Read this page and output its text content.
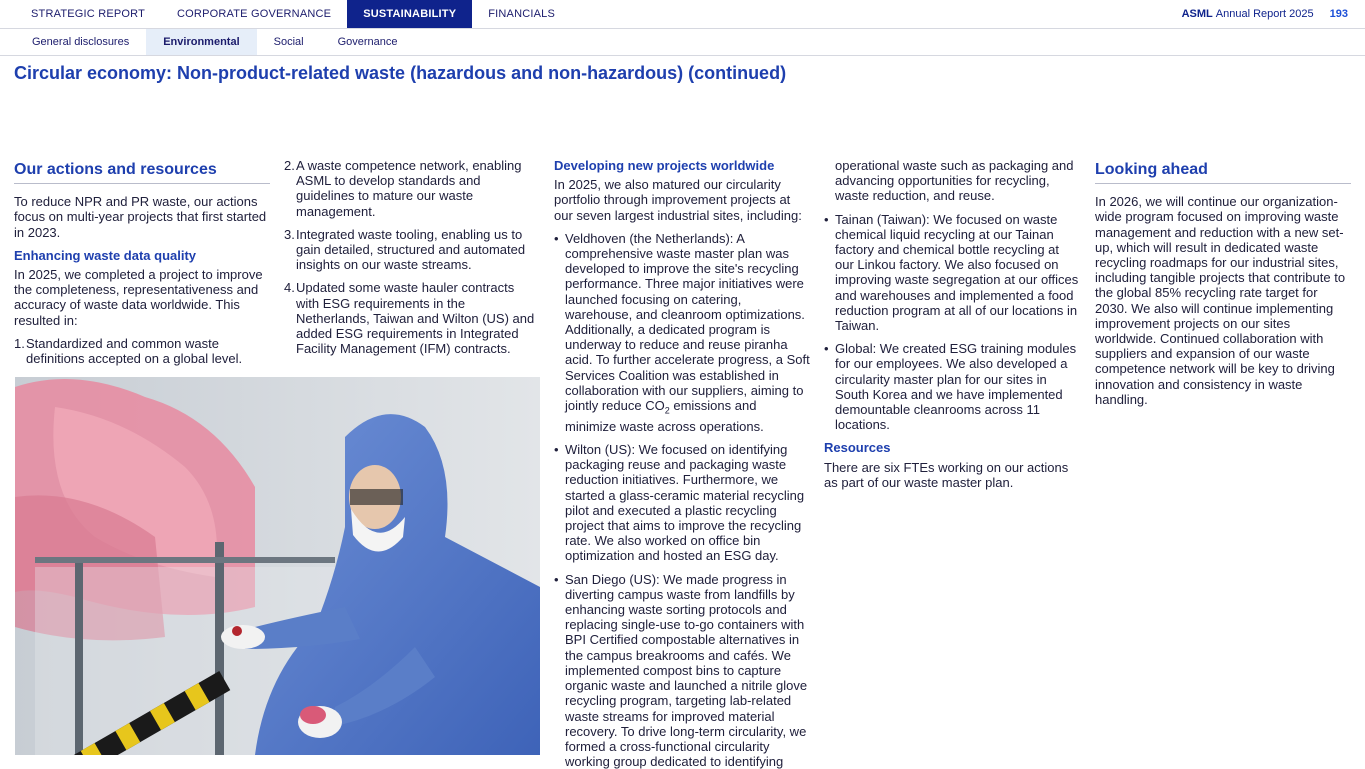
STRATEGIC REPORT	CORPORATE GOVERNANCE	SUSTAINABILITY	FINANCIALS	ASML Annual Report 2025 193
General disclosures	Environmental	Social	Governance
Circular economy: Non-product-related waste (hazardous and non-hazardous) (continued)
Our actions and resources

To reduce NPR and PR waste, our actions focus on multi-year projects that first started in 2023.

Enhancing waste data quality

In 2025, we completed a project to improve the completeness, representativeness and accuracy of waste data worldwide. This resulted in:

1. Standardized and common waste definitions accepted on a global level.
2. A waste competence network, enabling ASML to develop standards and guidelines to mature our waste management.
3. Integrated waste tooling, enabling us to gain detailed, structured and automated insights on our waste streams.
4. Updated some waste hauler contracts with ESG requirements in the Netherlands, Taiwan and Wilton (US) and added ESG requirements in Integrated Facility Management (IFM) contracts.
Developing new projects worldwide

In 2025, we also matured our circularity portfolio through improvement projects at our seven largest industrial sites, including:

• Veldhoven (the Netherlands): A comprehensive waste master plan was developed to improve the site's recycling performance. Three major initiatives were launched focusing on catering, warehouse, and cleanroom optimizations. Additionally, a dedicated program is underway to reduce and reuse piranha acid. To further accelerate progress, a Soft Services Coalition was established in collaboration with our suppliers, aiming to jointly reduce $CO_2$ emissions and minimize waste across operations.
• Wilton (US): We focused on identifying packaging reuse and packaging waste reduction initiatives. Furthermore, we started a glass-ceramic material recycling pilot and executed a plastic recycling project that aims to improve the recycling rate. We also worked on office bin optimization and hosted an ESG day.
• San Diego (US): We made progress in diverting campus waste from landfills by enhancing waste sorting protocols and replacing single-use to-go containers with BPI Certified compostable alternatives in the campus breakrooms and cafés. We implemented compost bins to capture organic waste and launched a nitrile glove recycling program, targeting lab-related waste streams for improved material recovery. To drive long-term circularity, we formed a cross-functional circularity working group dedicated to identifying

operational waste such as packaging and advancing opportunities for recycling, waste reduction, and reuse.

• Tainan (Taiwan): We focused on waste chemical liquid recycling at our Tainan factory and chemical bottle recycling at our Linkou factory. We also focused on improving waste segregation at our offices and warehouses and implemented a food reduction program at all of our locations in Taiwan.
• Global: We created ESG training modules for our employees. We also developed a circularity master plan for our sites in South Korea and we have implemented demountable cleanrooms across 11 locations.
Resources

There are six FTEs working on our actions as part of our waste master plan.

Looking ahead

In 2026, we will continue our organization-wide program focused on improving waste management and reduction with a new set-up, which will result in dedicated waste recycling roadmaps for our industrial sites, including tangible projects that contribute to the global 85% recycling rate target for 2030. We also will continue implementing improvement projects on our sites worldwide. Continued collaboration with suppliers and expansion of our waste competence network will be key to driving innovation and consistency in waste handling.
